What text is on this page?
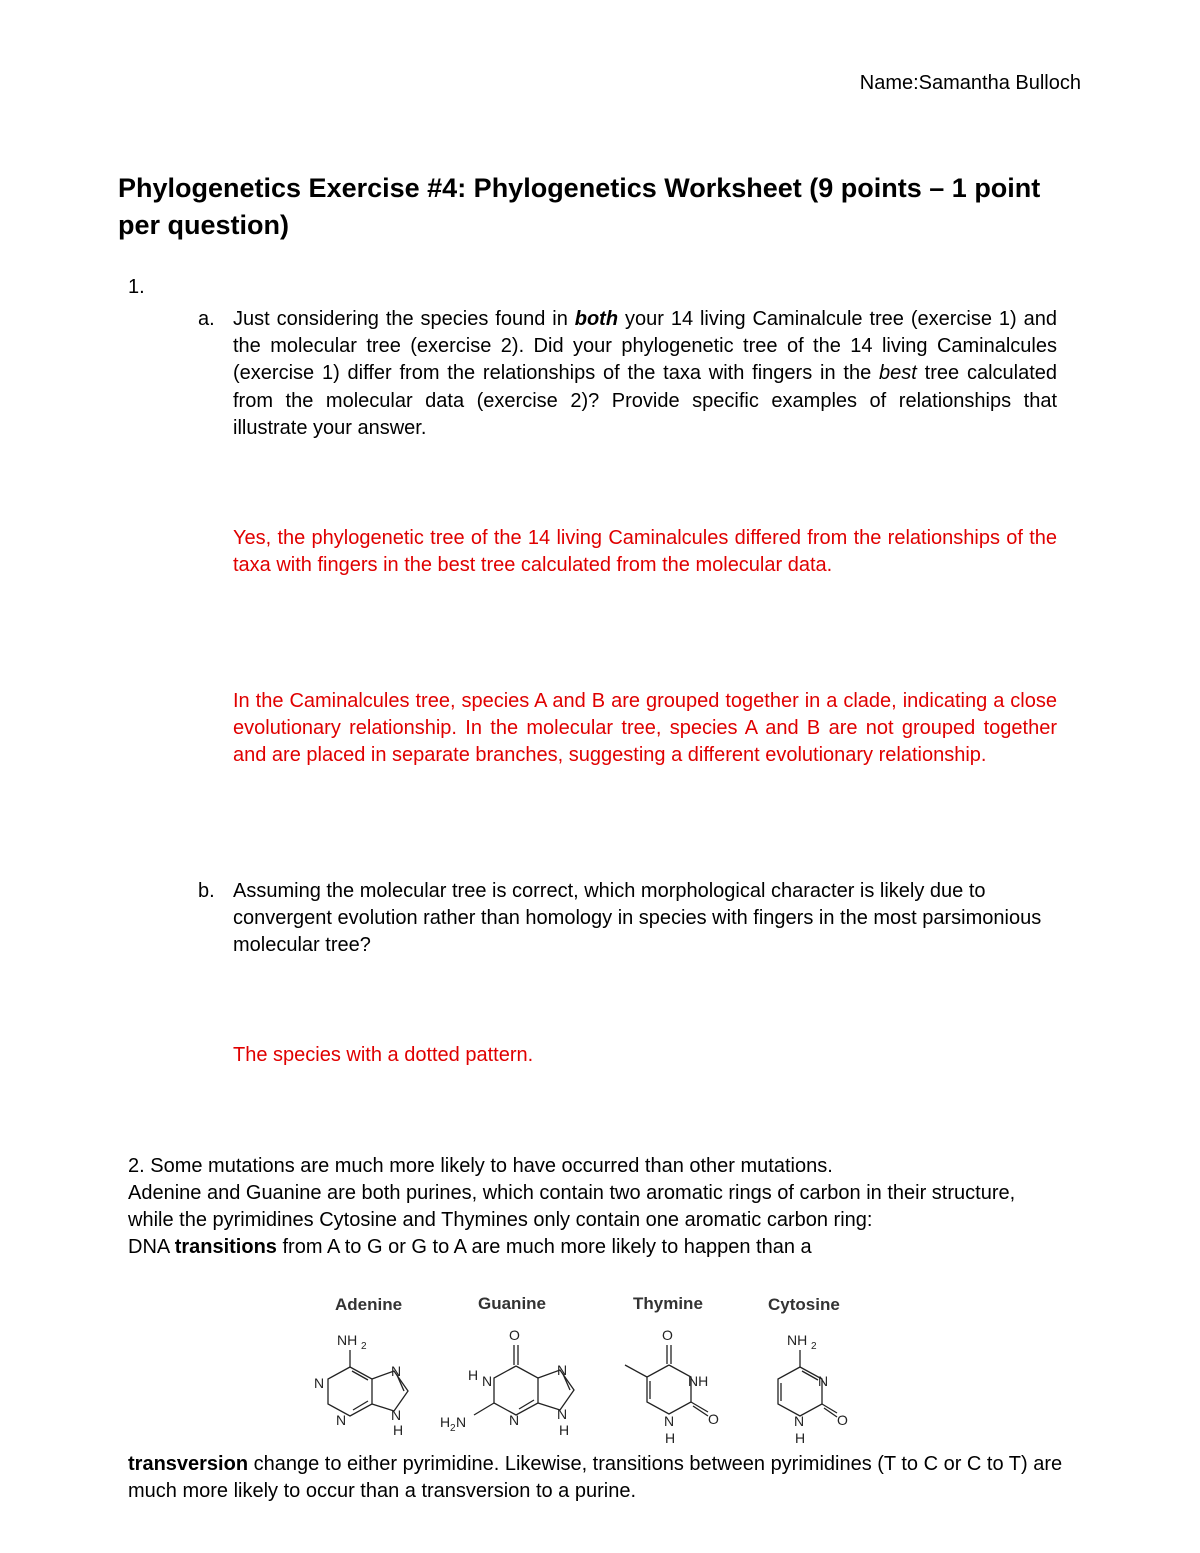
Name:Samantha Bulloch
Phylogenetics Exercise #4: Phylogenetics Worksheet (9 points – 1 point per question)
1.
a. Just considering the species found in both your 14 living Caminalcule tree (exercise 1) and the molecular tree (exercise 2). Did your phylogenetic tree of the 14 living Caminalcules (exercise 1) differ from the relationships of the taxa with fingers in the best tree calculated from the molecular data (exercise 2)? Provide specific examples of relationships that illustrate your answer.
Yes, the phylogenetic tree of the 14 living Caminalcules differed from the relationships of the taxa with fingers in the best tree calculated from the molecular data.
In the Caminalcules tree, species A and B are grouped together in a clade, indicating a close evolutionary relationship. In the molecular tree, species A and B are not grouped together and are placed in separate branches, suggesting a different evolutionary relationship.
b. Assuming the molecular tree is correct, which morphological character is likely due to convergent evolution rather than homology in species with fingers in the most parsimonious molecular tree?
The species with a dotted pattern.
2. Some mutations are much more likely to have occurred than other mutations.
Adenine and Guanine are both purines, which contain two aromatic rings of carbon in their structure, while the pyrimidines Cytosine and Thymines only contain one aromatic carbon ring:
DNA transitions from A to G or G to A are much more likely to happen than a
Adenine	Guanine	Thymine	Cytosine
NH 2
N
N
H
N
N
O
N
N
H
H N
H 2 N	N
O
NH
N
H
O
NH 2
N
N
H
O
transversion change to either pyrimidine. Likewise, transitions between pyrimidines (T to C or C to T) are much more likely to occur than a transversion to a purine.
